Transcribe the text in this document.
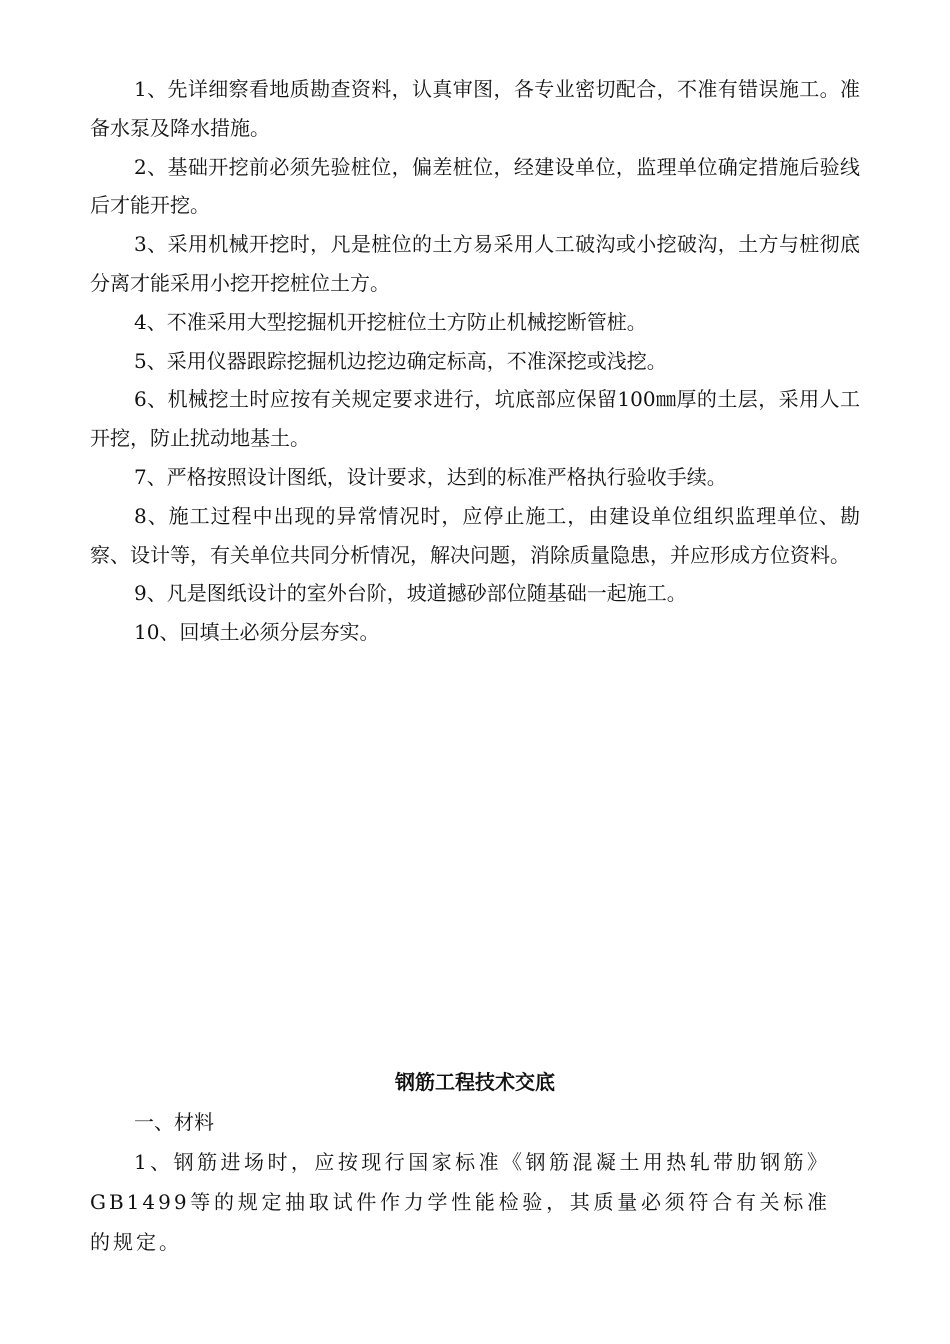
1、先详细察看地质勘查资料，认真审图，各专业密切配合，不准有错误施工。准备水泵及降水措施。

2、基础开挖前必须先验桩位，偏差桩位，经建设单位，监理单位确定措施后验线后才能开挖。

3、采用机械开挖时，凡是桩位的土方易采用人工破沟或小挖破沟，土方与桩彻底分离才能采用小挖开挖桩位土方。

4、不准采用大型挖掘机开挖桩位土方防止机械挖断管桩。

5、采用仪器跟踪挖掘机边挖边确定标高，不准深挖或浅挖。

6、机械挖土时应按有关规定要求进行，坑底部应保留100㎜厚的土层，采用人工开挖，防止扰动地基土。

7、严格按照设计图纸，设计要求，达到的标准严格执行验收手续。

8、施工过程中出现的异常情况时，应停止施工，由建设单位组织监理单位、勘察、设计等，有关单位共同分析情况，解决问题，消除质量隐患，并应形成方位资料。

9、凡是图纸设计的室外台阶，坡道撼砂部位随基础一起施工。

10、回填土必须分层夯实。

钢筋工程技术交底

一、材料

1、钢筋进场时，应按现行国家标准《钢筋混凝土用热轧带肋钢筋》GB1499等的规定抽取试件作力学性能检验，其质量必须符合有关标准的规定。
